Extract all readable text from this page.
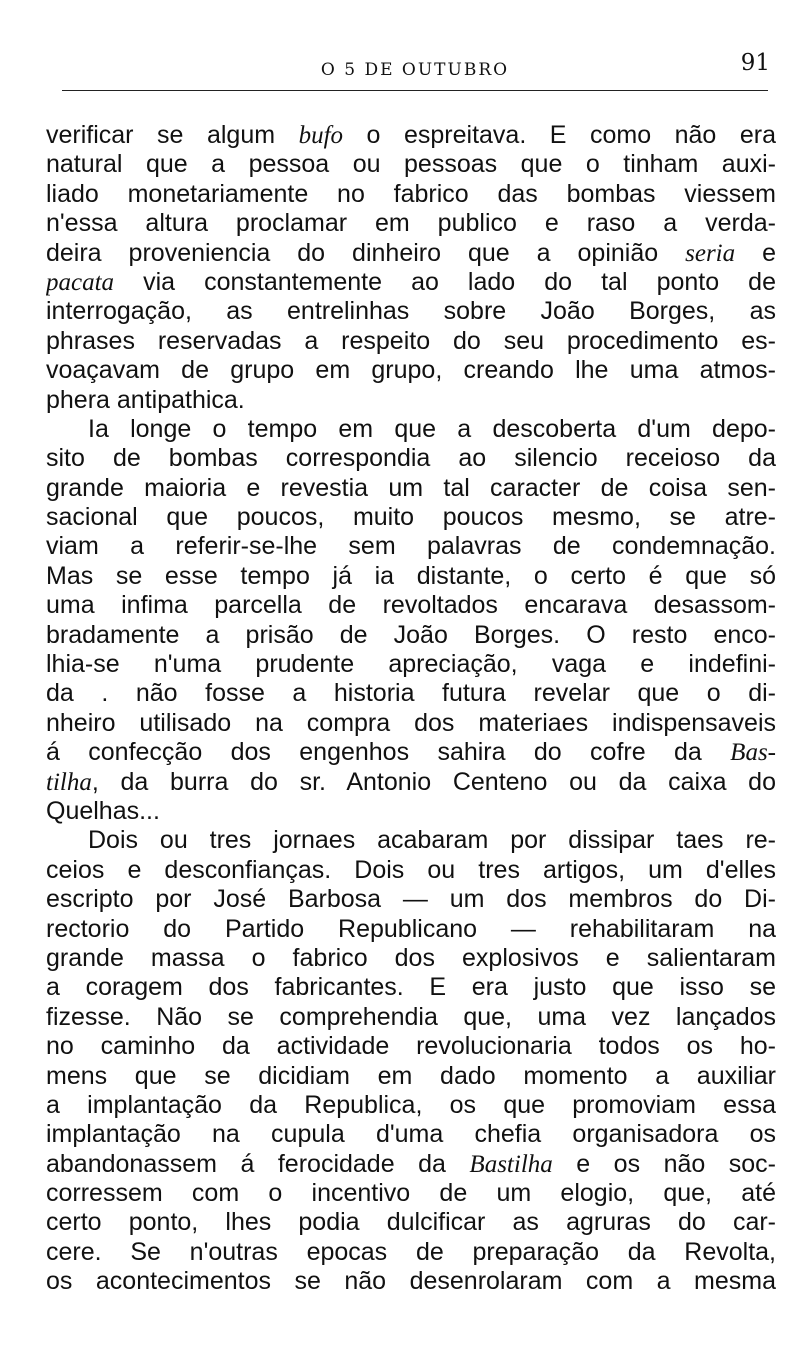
O 5 DE OUTUBRO	91
verificar se algum bufo o espreitava. E como não era
natural que a pessoa ou pessoas que o tinham auxi-
liado monetariamente no fabrico das bombas viessem
n'essa altura proclamar em publico e raso a verda-
deira proveniencia do dinheiro que a opinião seria e
pacata via constantemente ao lado do tal ponto de
interrogação, as entrelinhas sobre João Borges, as
phrases reservadas a respeito do seu procedimento es-
voaçavam de grupo em grupo, creando lhe uma atmos-
phera antipathica.
Ia longe o tempo em que a descoberta d'um depo-
sito de bombas correspondia ao silencio receioso da
grande maioria e revestia um tal caracter de coisa sen-
sacional que poucos, muito poucos mesmo, se atre-
viam a referir-se-lhe sem palavras de condemnação.
Mas se esse tempo já ia distante, o certo é que só
uma infima parcella de revoltados encarava desassom-
bradamente a prisão de João Borges. O resto enco-
lhia-se n'uma prudente apreciação, vaga e indefini-
da . não fosse a historia futura revelar que o di-
nheiro utilisado na compra dos materiaes indispensaveis
á confecção dos engenhos sahira do cofre da Bas-
tilha, da burra do sr. Antonio Centeno ou da caixa do
Quelhas...
Dois ou tres jornaes acabaram por dissipar taes re-
ceios e desconfianças. Dois ou tres artigos, um d'elles
escripto por José Barbosa — um dos membros do Di-
rectorio do Partido Republicano — rehabilitaram na
grande massa o fabrico dos explosivos e salientaram
a coragem dos fabricantes. E era justo que isso se
fizesse. Não se comprehendia que, uma vez lançados
no caminho da actividade revolucionaria todos os ho-
mens que se dicidiam em dado momento a auxiliar
a implantação da Republica, os que promoviam essa
implantação na cupula d'uma chefia organisadora os
abandonassem á ferocidade da Bastilha e os não soc-
corressem com o incentivo de um elogio, que, até
certo ponto, lhes podia dulcificar as agruras do car-
cere. Se n'outras epocas de preparação da Revolta,
os acontecimentos se não desenrolaram com a mesma
